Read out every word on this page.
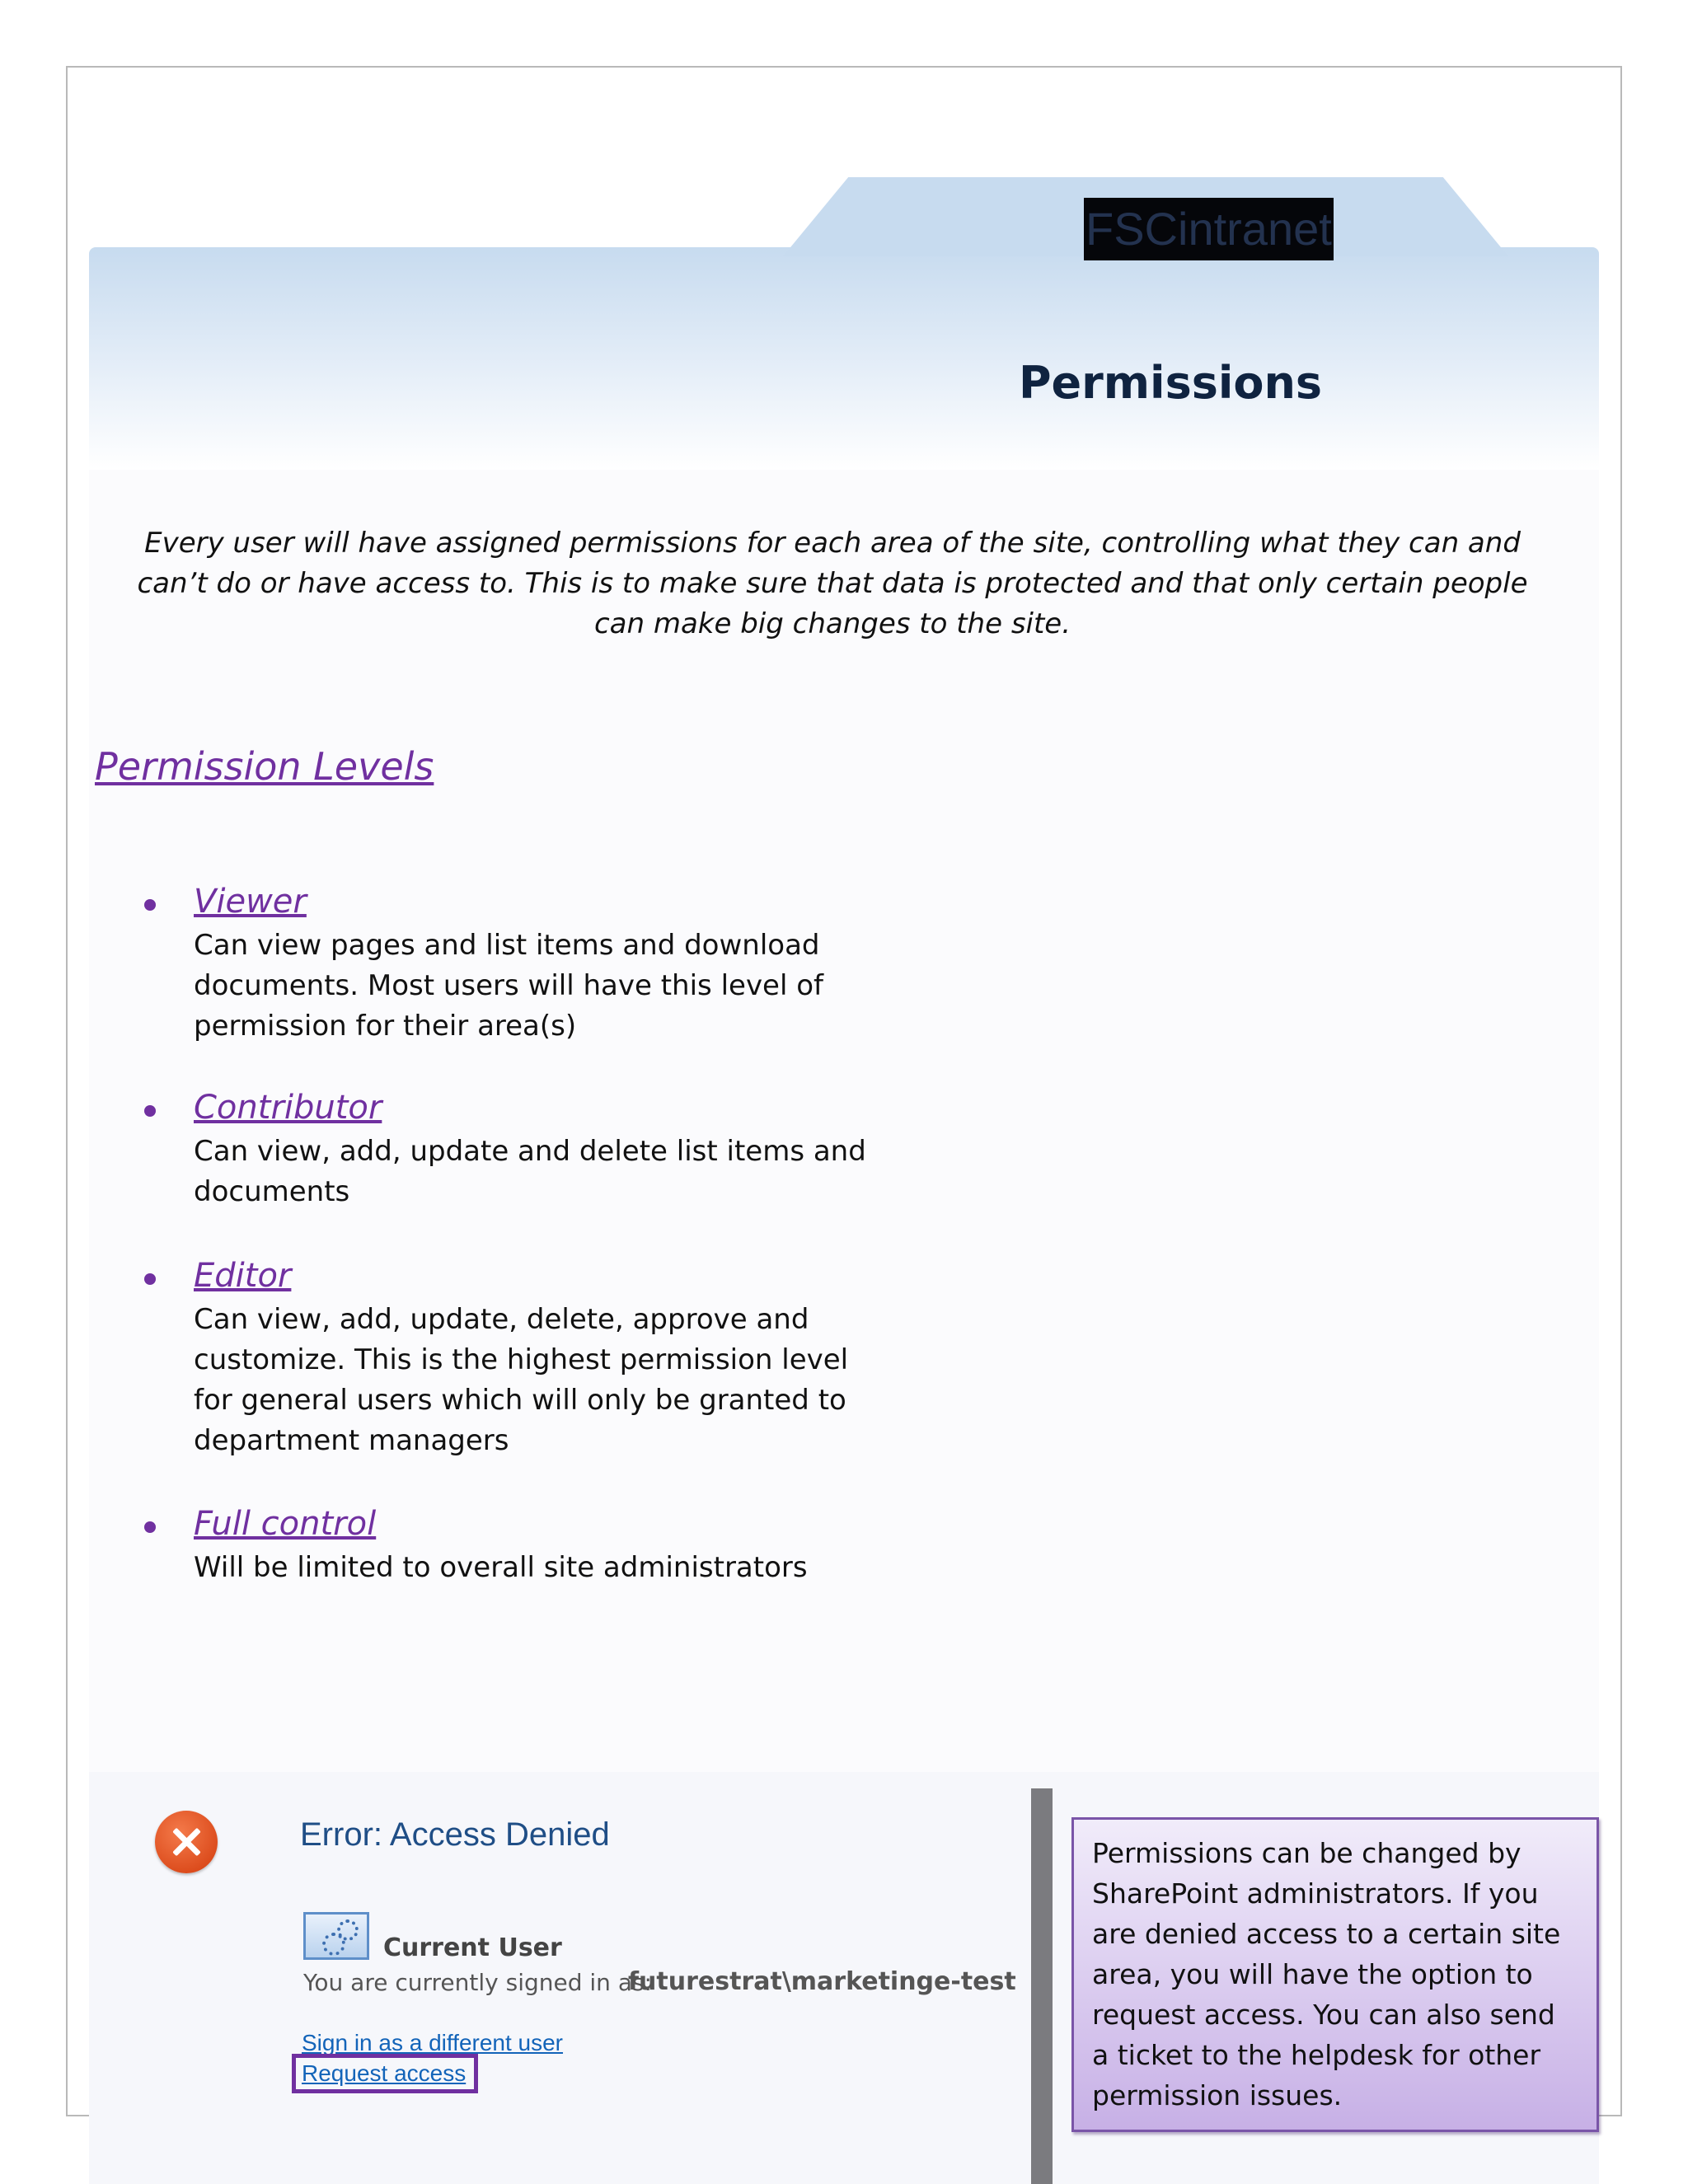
FSCintranet
Permissions

Every user will have assigned permissions for each area of the site, controlling what they can and can’t do or have access to. This is to make sure that data is protected and that only certain people can make big changes to the site.

Permission Levels
Viewer

Can view pages and list items and download documents. Most users will have this level of permission for their area(s)

Contributor

Can view, add, update and delete list items and documents

Editor

Can view, add, update, delete, approve and customize. This is the highest permission level for general users which will only be granted to department managers

Full control

Will be limited to overall site administrators

Error: Access Denied
Current User
You are currently signed in as:
futurestrat\marketinge-test
Sign in as a different user
Request access

Permissions can be changed by SharePoint administrators. If you are denied access to a certain site area, you will have the option to request access. You can also send a ticket to the helpdesk for other permission issues.
